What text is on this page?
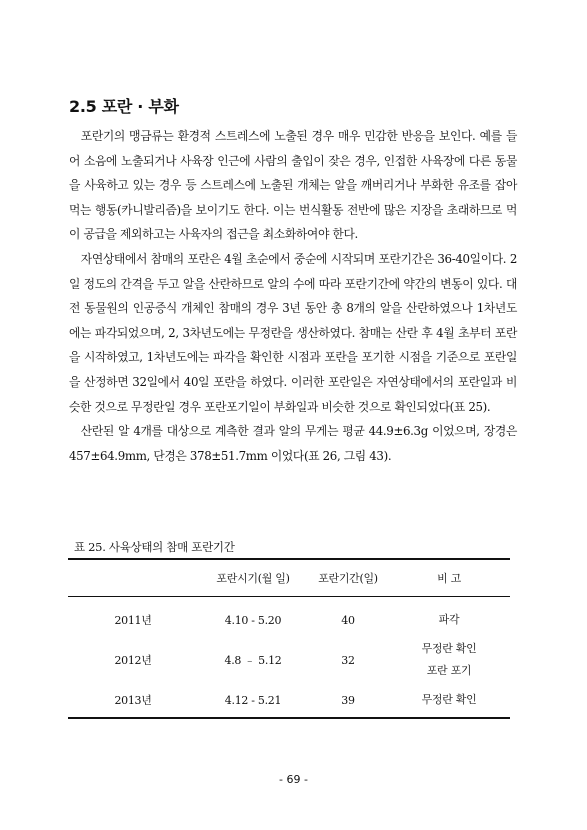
2.5 포란 · 부화

포란기의 맹금류는 환경적 스트레스에 노출된 경우 매우 민감한 반응을 보인다. 예를 들어 소음에 노출되거나 사육장 인근에 사람의 출입이 잦은 경우, 인접한 사육장에 다른 동물을 사육하고 있는 경우 등 스트레스에 노출된 개체는 알을 깨버리거나 부화한 유조를 잡아먹는 행동(카니발리즘)을 보이기도 한다. 이는 번식활동 전반에 많은 지장을 초래하므로 먹이 공급을 제외하고는 사육자의 접근을 최소화하여야 한다.

자연상태에서 참매의 포란은 4월 초순에서 중순에 시작되며 포란기간은 36-40일이다. 2일 정도의 간격을 두고 알을 산란하므로 알의 수에 따라 포란기간에 약간의 변동이 있다. 대전 동물원의 인공증식 개체인 참매의 경우 3년 동안 총 8개의 알을 산란하였으나 1차년도에는 파각되었으며, 2, 3차년도에는 무정란을 생산하였다. 참매는 산란 후 4월 초부터 포란을 시작하였고, 1차년도에는 파각을 확인한 시점과 포란을 포기한 시점을 기준으로 포란일을 산정하면 32일에서 40일 포란을 하였다. 이러한 포란일은 자연상태에서의 포란일과 비슷한 것으로 무정란일 경우 포란포기일이 부화일과 비슷한 것으로 확인되었다(표 25).

산란된 알 4개를 대상으로 계측한 결과 알의 무게는 평균 44.9±6.3g 이었으며, 장경은 457±64.9mm, 단경은 378±51.7mm 이었다(표 26, 그림 43).

표 25. 사육상태의 참매 포란기간
	포란시기(월 일)	포란기간(일)	비 고
2011년	4.10 - 5.20	40	파각

2012년	4.8 ﹣ 5.12	32	무정란 확인
포란 포기

2013년	4.12 - 5.21	39	무정란 확인
- 69 -
